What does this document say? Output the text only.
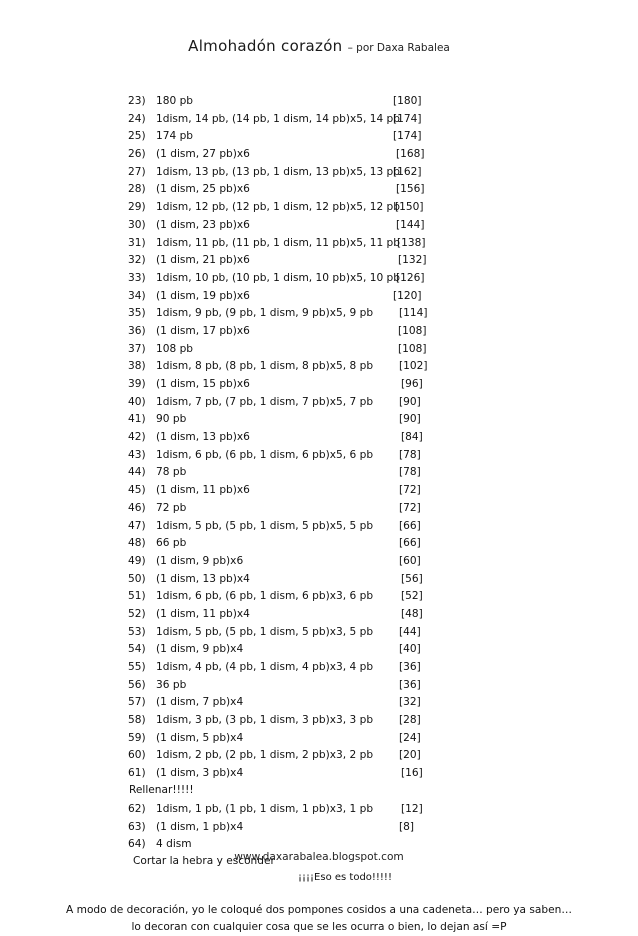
Almohadón corazón – por Daxa Rabalea
23) 180 pb	[180]
24) 1dism, 14 pb, (14 pb, 1 dism, 14 pb)x5, 14 pb
[174]
25) 174 pb	[174]
26) (1 dism, 27 pb)x6	[168]
27) 1dism, 13 pb, (13 pb, 1 dism, 13 pb)x5, 13 pb
[162]
28) (1 dism, 25 pb)x6	[156]
29) 1dism, 12 pb, (12 pb, 1 dism, 12 pb)x5, 12 pb
[150]
30) (1 dism, 23 pb)x6	[144]
31) 1dism, 11 pb, (11 pb, 1 dism, 11 pb)x5, 11 pb
[138]
32) (1 dism, 21 pb)x6	[132]
33) 1dism, 10 pb, (10 pb, 1 dism, 10 pb)x5, 10 pb
[126]
34) (1 dism, 19 pb)x6	[120]
35) 1dism, 9 pb, (9 pb, 1 dism, 9 pb)x5, 9 pb [114]
36) (1 dism, 17 pb)x6	[108]
37) 108 pb	[108]
38) 1dism, 8 pb, (8 pb, 1 dism, 8 pb)x5, 8 pb [102]
39) (1 dism, 15 pb)x6	[96]
40) 1dism, 7 pb, (7 pb, 1 dism, 7 pb)x5, 7 pb [90]
41) 90 pb	[90]
42) (1 dism, 13 pb)x6	[84]
43) 1dism, 6 pb, (6 pb, 1 dism, 6 pb)x5, 6 pb [78]
44) 78 pb	[78]
45) (1 dism, 11 pb)x6	[72]
46) 72 pb	[72]
47) 1dism, 5 pb, (5 pb, 1 dism, 5 pb)x5, 5 pb [66]
48) 66 pb	[66]
49) (1 dism, 9 pb)x6	[60]
50) (1 dism, 13 pb)x4	[56]
51) 1dism, 6 pb, (6 pb, 1 dism, 6 pb)x3, 6 pb	[52]
52) (1 dism, 11 pb)x4	[48]
53) 1dism, 5 pb, (5 pb, 1 dism, 5 pb)x3, 5 pb [44]
54) (1 dism, 9 pb)x4	[40]
55) 1dism, 4 pb, (4 pb, 1 dism, 4 pb)x3, 4 pb [36]
56) 36 pb	[36]
57) (1 dism, 7 pb)x4	[32]
58) 1dism, 3 pb, (3 pb, 1 dism, 3 pb)x3, 3 pb [28]
59) (1 dism, 5 pb)x4	[24]
60) 1dism, 2 pb, (2 pb, 1 dism, 2 pb)x3, 2 pb [20]
61) (1 dism, 3 pb)x4	[16]
Rellenar!!!!!
62) 1dism, 1 pb, (1 pb, 1 dism, 1 pb)x3, 1 pb	[12]
63) (1 dism, 1 pb)x4	[8]
64) 4 dism
Cortar la hebra y esconder
¡¡¡¡Eso es todo!!!!!
A modo de decoración, yo le coloqué dos pompones cosidos a una cadeneta… pero ya saben…
lo decoran con cualquier cosa que se les ocurra o bien, lo dejan así =P
www.daxarabalea.blogspot.com
